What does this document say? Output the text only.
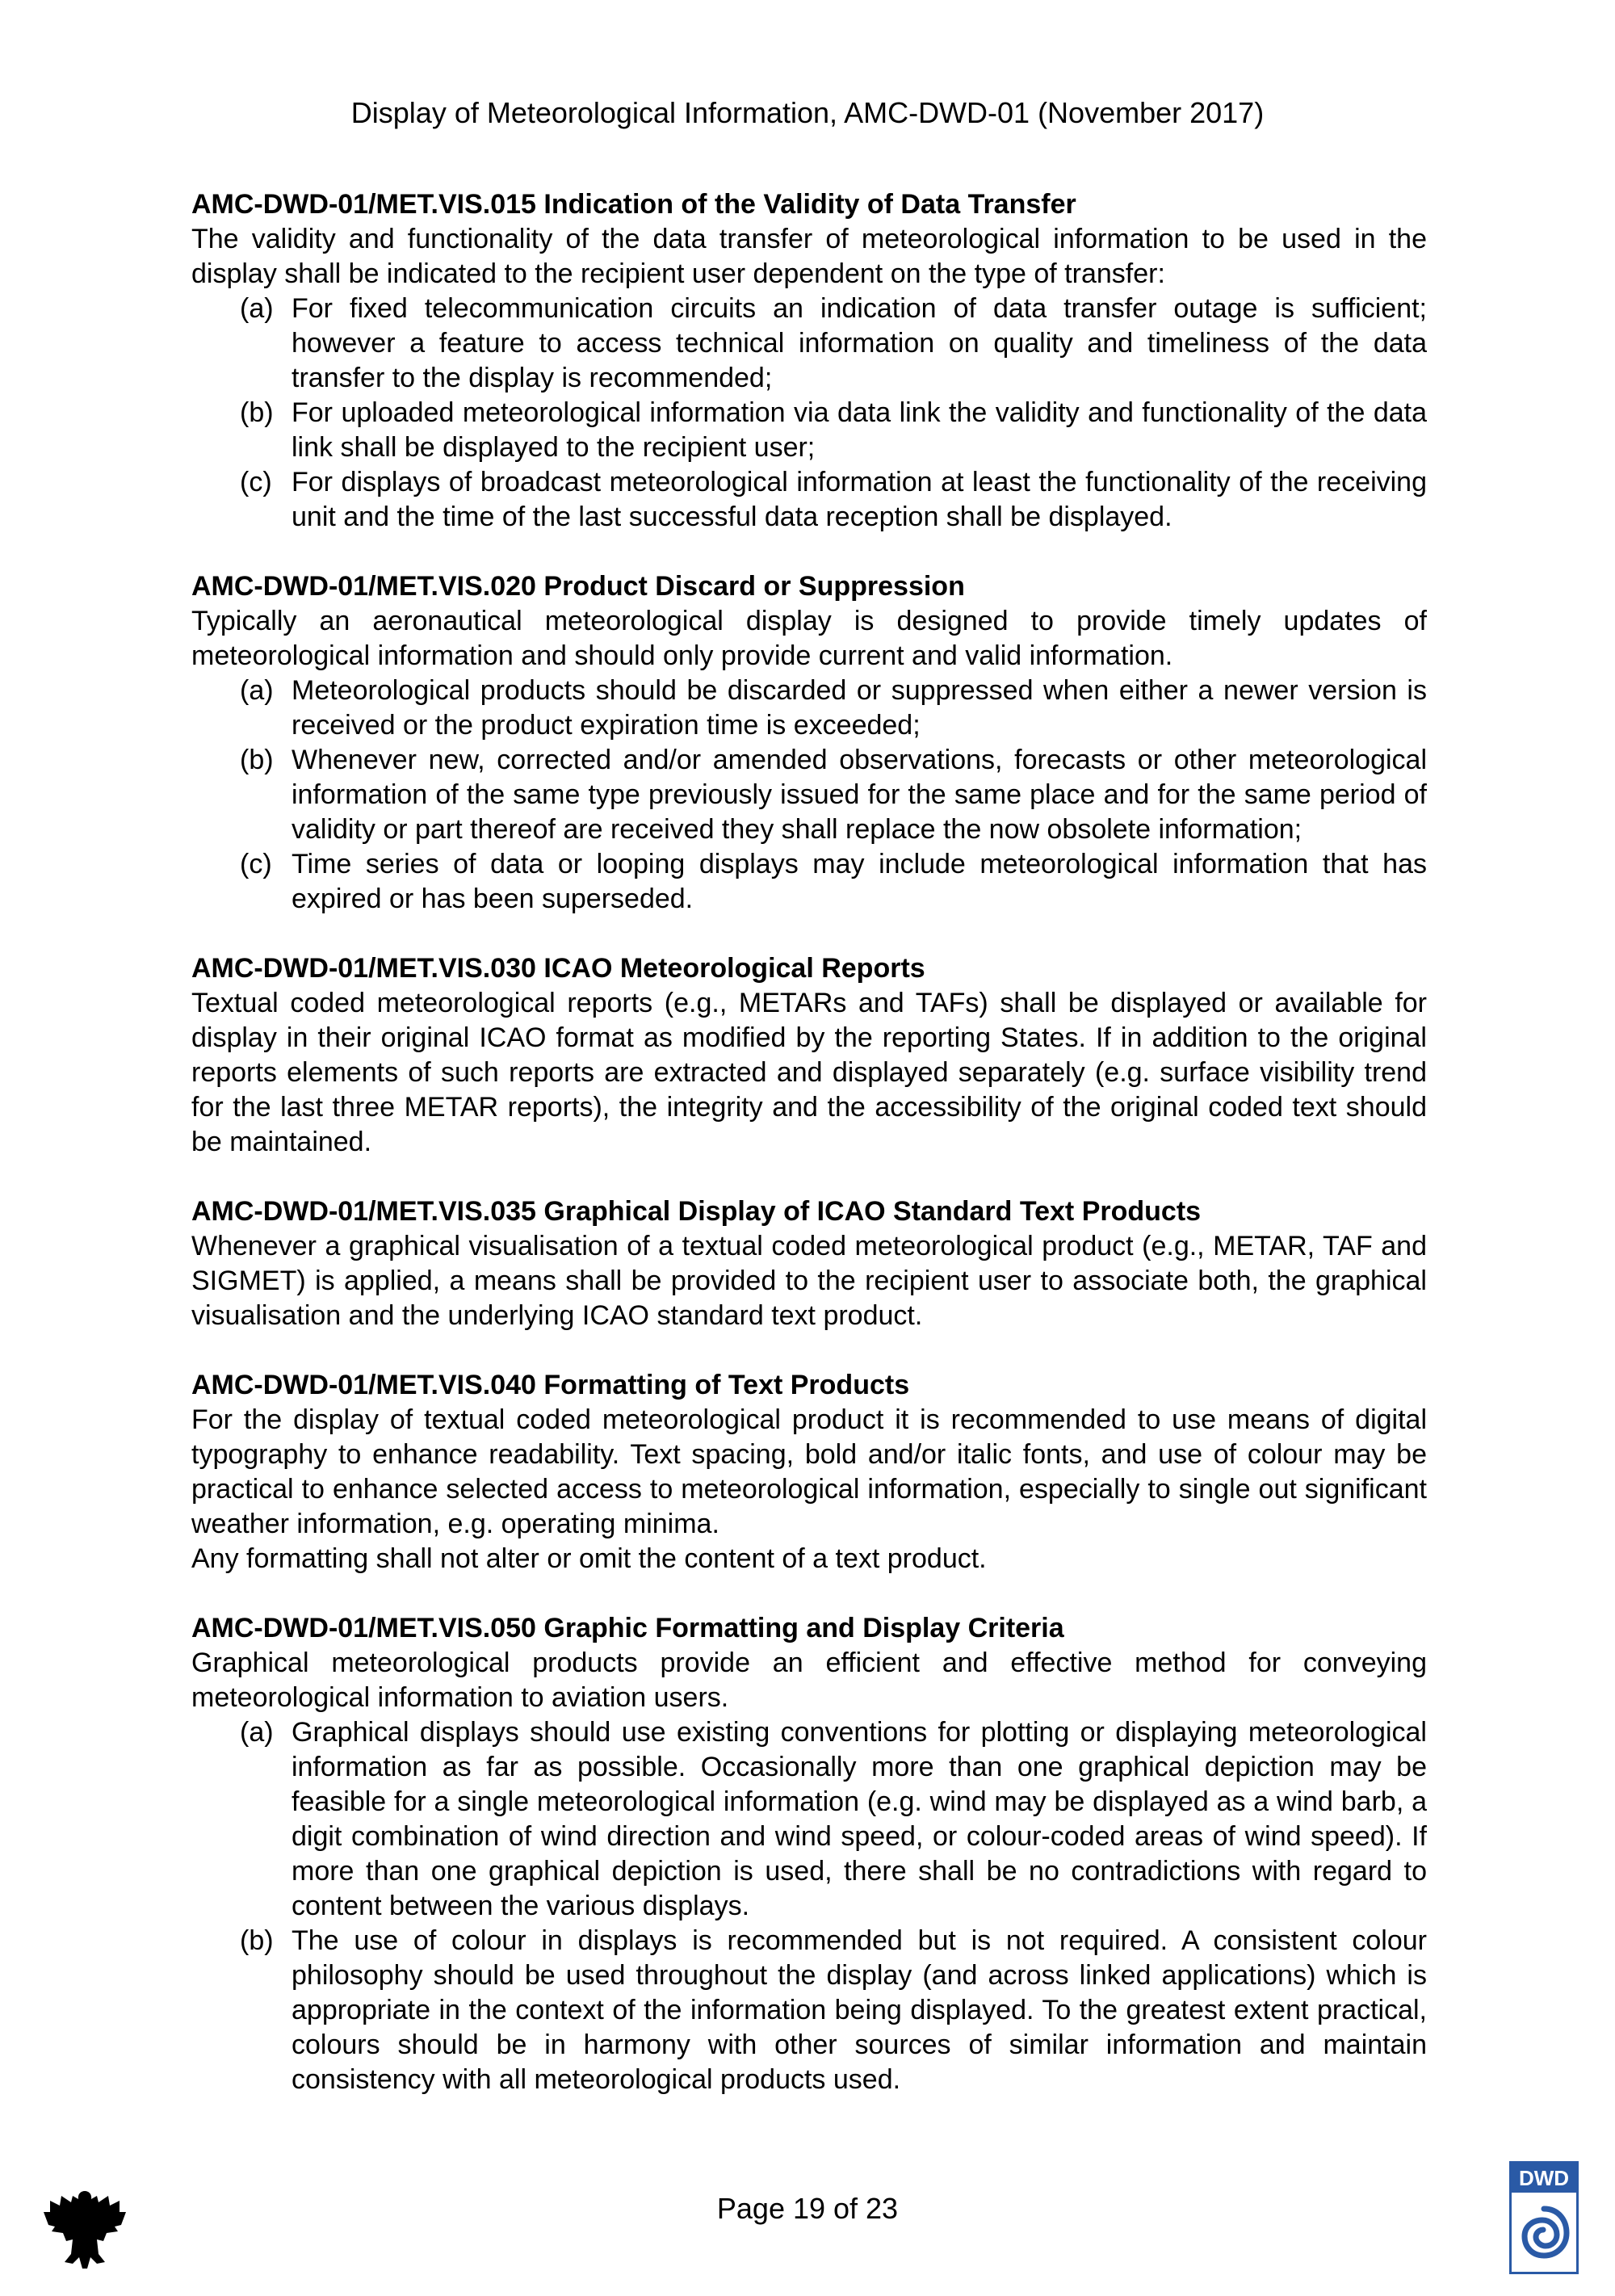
Display of Meteorological Information, AMC-DWD-01 (November 2017)
AMC-DWD-01/MET.VIS.015 Indication of the Validity of Data Transfer
The validity and functionality of the data transfer of meteorological information to be used in the display shall be indicated to the recipient user dependent on the type of transfer:
(a) For fixed telecommunication circuits an indication of data transfer outage is sufficient; however a feature to access technical information on quality and timeliness of the data transfer to the display is recommended;
(b) For uploaded meteorological information via data link the validity and functionality of the data link shall be displayed to the recipient user;
(c) For displays of broadcast meteorological information at least the functionality of the receiving unit and the time of the last successful data reception shall be displayed.
AMC-DWD-01/MET.VIS.020 Product Discard or Suppression
Typically an aeronautical meteorological display is designed to provide timely updates of meteorological information and should only provide current and valid information.
(a) Meteorological products should be discarded or suppressed when either a newer version is received or the product expiration time is exceeded;
(b) Whenever new, corrected and/or amended observations, forecasts or other meteorological information of the same type previously issued for the same place and for the same period of validity or part thereof are received they shall replace the now obsolete information;
(c) Time series of data or looping displays may include meteorological information that has expired or has been superseded.
AMC-DWD-01/MET.VIS.030 ICAO Meteorological Reports
Textual coded meteorological reports (e.g., METARs and TAFs) shall be displayed or available for display in their original ICAO format as modified by the reporting States. If in addition to the original reports elements of such reports are extracted and displayed separately (e.g. surface visibility trend for the last three METAR reports), the integrity and the accessibility of the original coded text should be maintained.
AMC-DWD-01/MET.VIS.035 Graphical Display of ICAO Standard Text Products
Whenever a graphical visualisation of a textual coded meteorological product (e.g., METAR, TAF and SIGMET) is applied, a means shall be provided to the recipient user to associate both, the graphical visualisation and the underlying ICAO standard text product.
AMC-DWD-01/MET.VIS.040 Formatting of Text Products
For the display of textual coded meteorological product it is recommended to use means of digital typography to enhance readability. Text spacing, bold and/or italic fonts, and use of colour may be practical to enhance selected access to meteorological information, especially to single out significant weather information, e.g. operating minima.
Any formatting shall not alter or omit the content of a text product.
AMC-DWD-01/MET.VIS.050 Graphic Formatting and Display Criteria
Graphical meteorological products provide an efficient and effective method for conveying meteorological information to aviation users.
(a) Graphical displays should use existing conventions for plotting or displaying meteorological information as far as possible. Occasionally more than one graphical depiction may be feasible for a single meteorological information (e.g. wind may be displayed as a wind barb, a digit combination of wind direction and wind speed, or colour-coded areas of wind speed). If more than one graphical depiction is used, there shall be no contradictions with regard to content between the various displays.
(b) The use of colour in displays is recommended but is not required. A consistent colour philosophy should be used throughout the display (and across linked applications) which is appropriate in the context of the information being displayed. To the greatest extent practical, colours should be in harmony with other sources of similar information and maintain consistency with all meteorological products used.
Page 19 of 23
DWD
